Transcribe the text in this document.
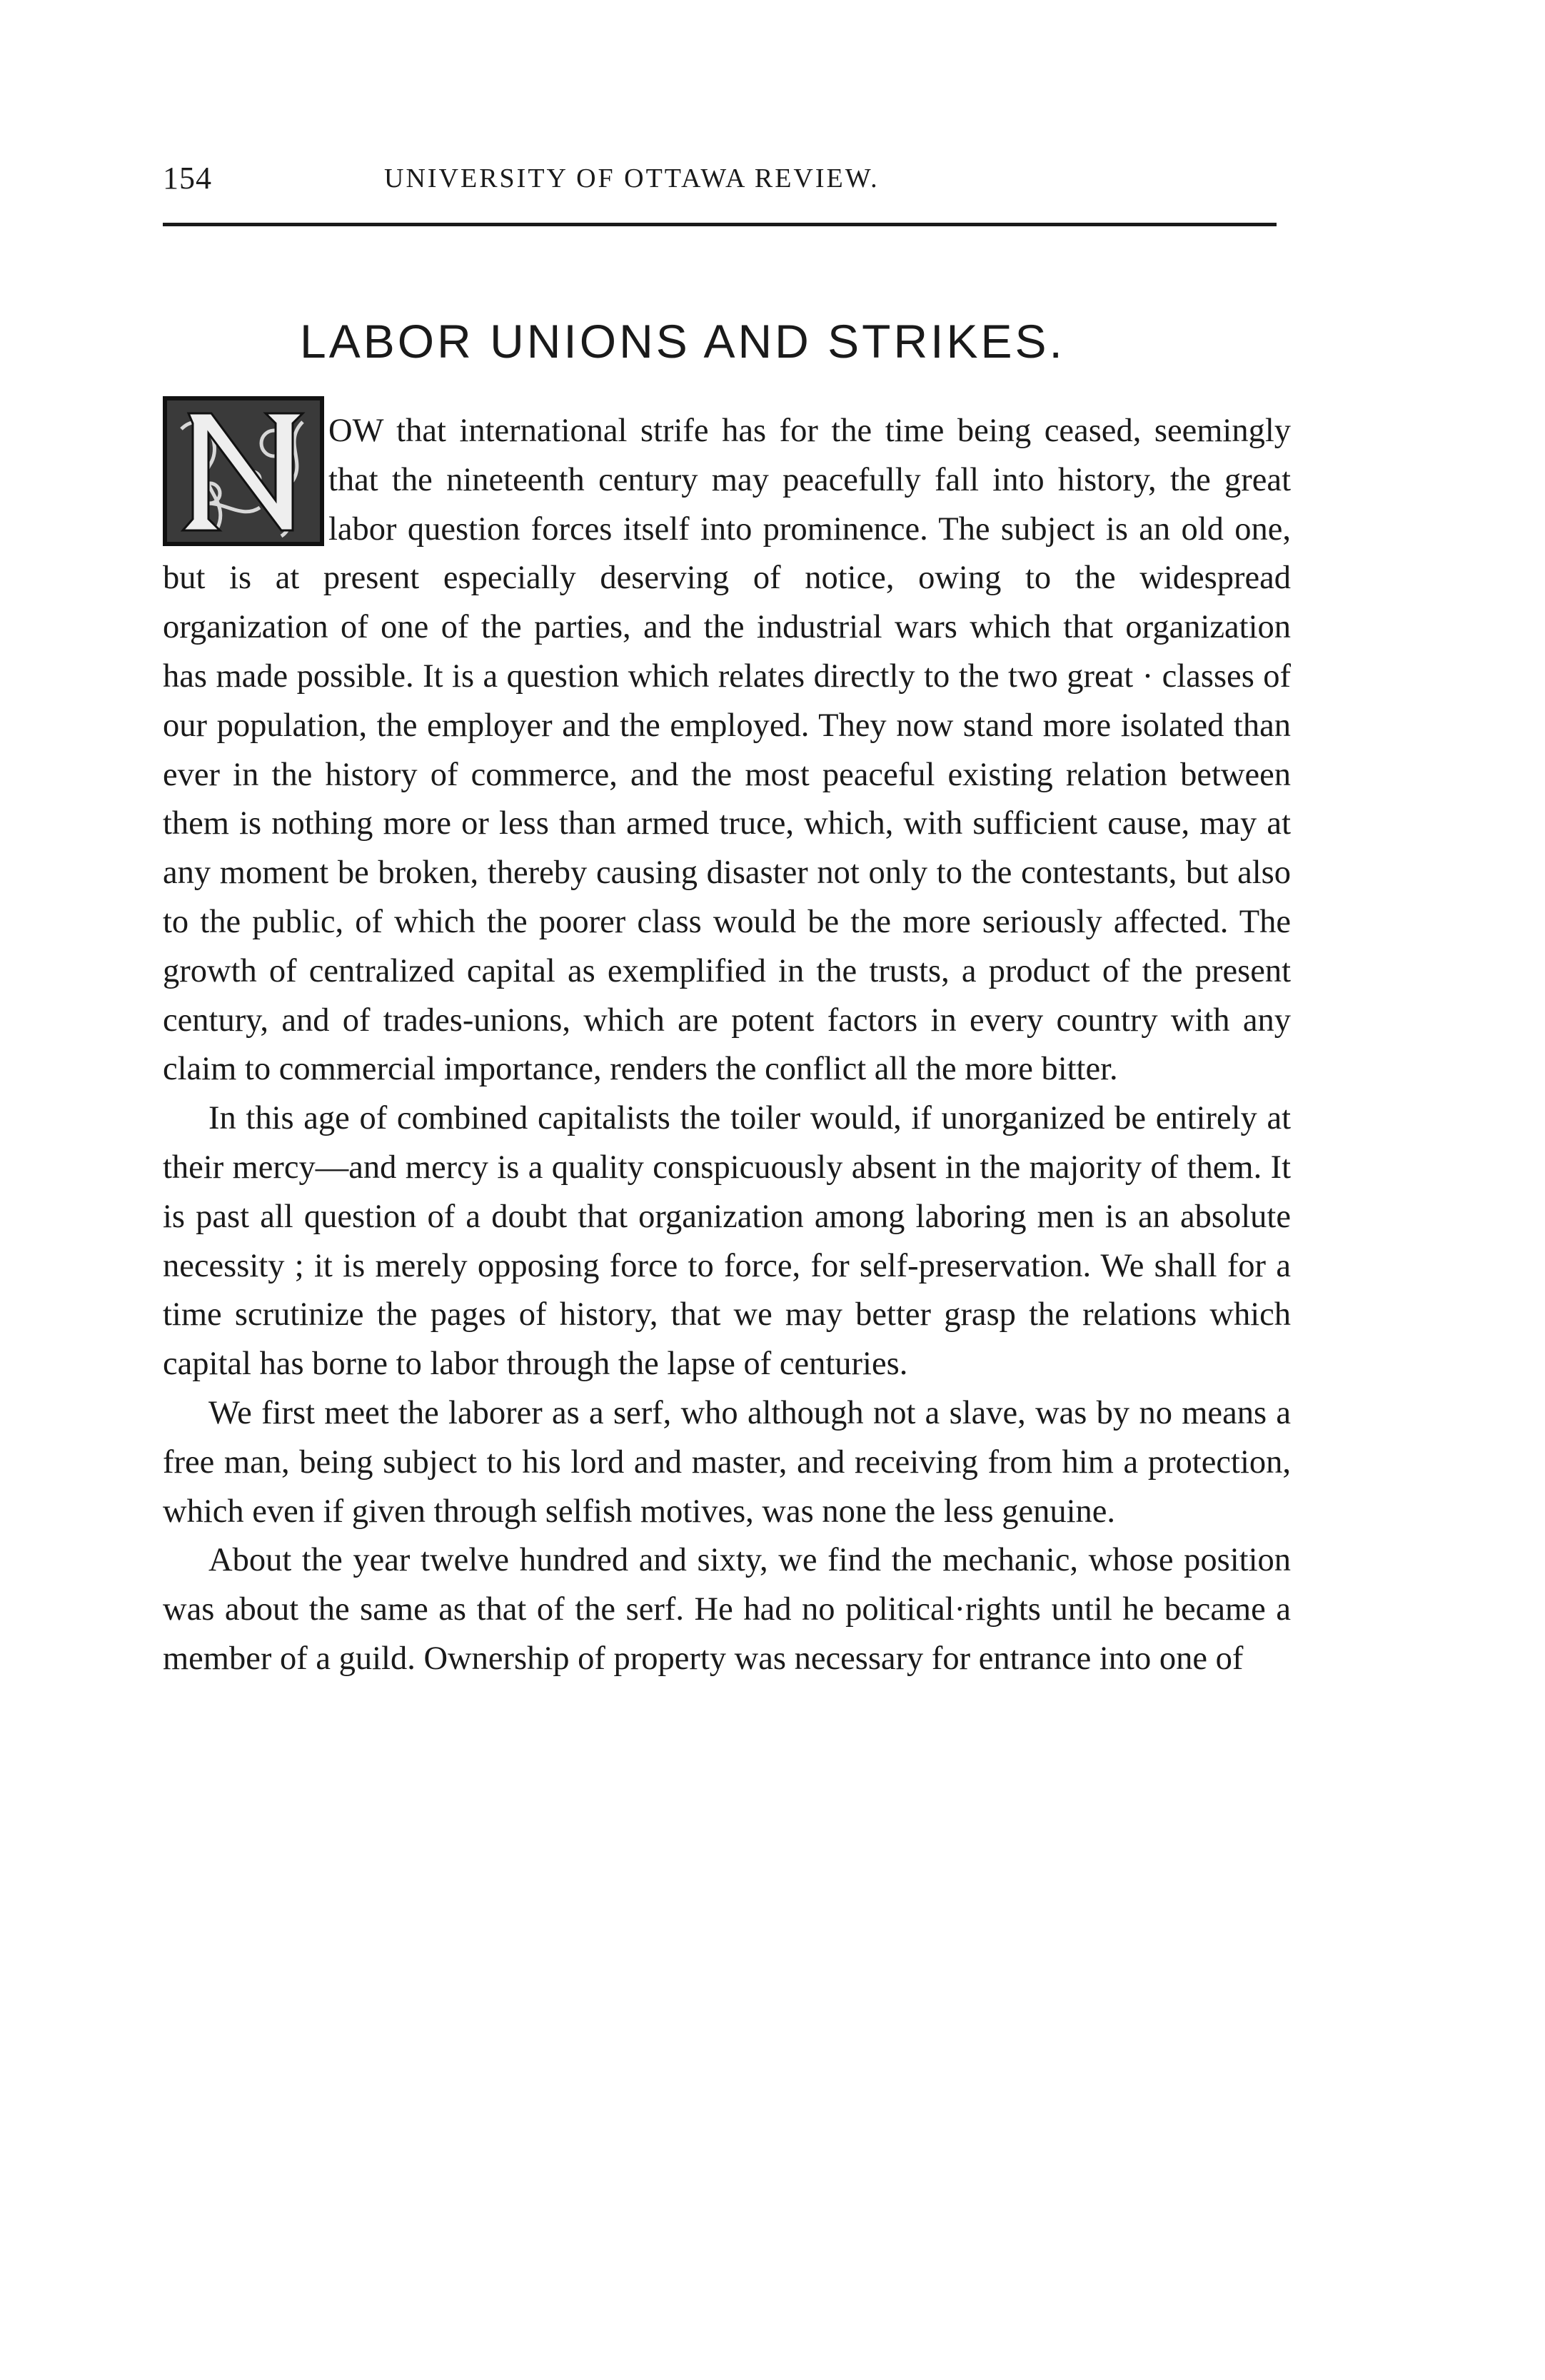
154	UNIVERSITY OF OTTAWA REVIEW.
LABOR UNIONS AND STRIKES.

OW that international strife has for the time being ceased, seemingly that the nineteenth century may peacefully fall into history, the great labor question forces itself into prominence. The subject is an old one, but is at present especially deserving of notice, owing to the widespread organization of one of the parties, and the industrial wars which that organization has made possible. It is a question which relates directly to the two great · classes of our population, the employer and the employed. They now stand more isolated than ever in the history of commerce, and the most peaceful existing relation between them is nothing more or less than armed truce, which, with sufficient cause, may at any moment be broken, thereby causing disaster not only to the contestants, but also to the public, of which the poorer class would be the more seriously affected. The growth of centralized capital as exemplified in the trusts, a product of the present century, and of trades-unions, which are potent factors in every country with any claim to commercial importance, renders the conflict all the more bitter.

In this age of combined capitalists the toiler would, if unorganized be entirely at their mercy—and mercy is a quality conspicuously absent in the majority of them. It is past all question of a doubt that organization among laboring men is an absolute necessity ; it is merely opposing force to force, for self-preservation. We shall for a time scrutinize the pages of history, that we may better grasp the relations which capital has borne to labor through the lapse of centuries.

We first meet the laborer as a serf, who although not a slave, was by no means a free man, being subject to his lord and master, and receiving from him a protection, which even if given through selfish motives, was none the less genuine.

About the year twelve hundred and sixty, we find the mechanic, whose position was about the same as that of the serf. He had no political·rights until he became a member of a guild. Ownership of property was necessary for entrance into one of
